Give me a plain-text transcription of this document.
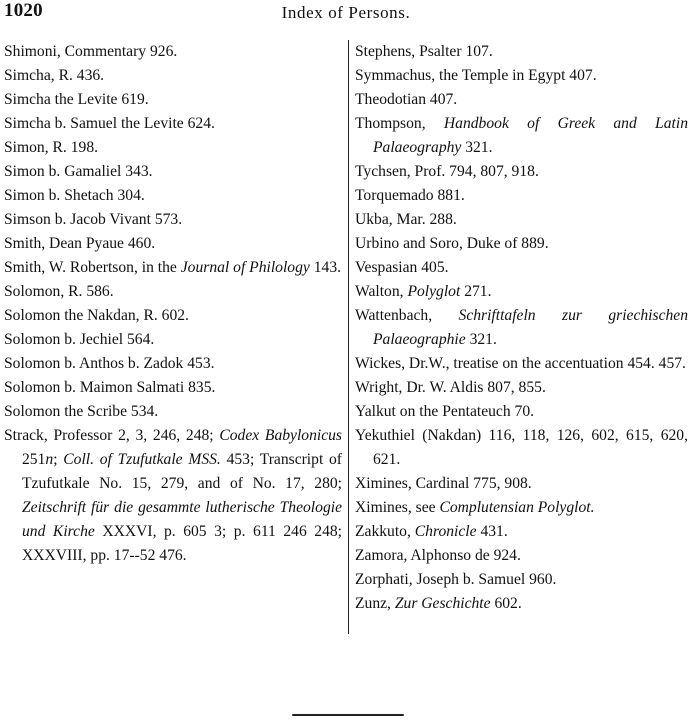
1020	Index of Persons.

Shimoni, Commentary 926.

Simcha, R. 436.

Simcha the Levite 619.

Simcha b. Samuel the Levite 624.

Simon, R. 198.

Simon b. Gamaliel 343.

Simon b. Shetach 304.

Simson b. Jacob Vivant 573.

Smith, Dean Pyaue 460.

Smith, W. Robertson, in the Journal of Philology 143.

Solomon, R. 586.

Solomon the Nakdan, R. 602.

Solomon b. Jechiel 564.

Solomon b. Anthos b. Zadok 453.

Solomon b. Maimon Salmati 835.

Solomon the Scribe 534.

Strack, Professor 2, 3, 246, 248; Codex Babylonicus 251n; Coll. of Tzufutkale MSS. 453; Transcript of Tzufutkale No. 15, 279, and of No. 17, 280; Zeitschrift für die gesammte lutherische Theologie und Kirche XXXVI, p. 605 3; p. 611 246 248; XXXVIII, pp. 17--52 476.

Stephens, Psalter 107.

Symmachus, the Temple in Egypt 407.

Theodotian 407.

Thompson, Handbook of Greek and Latin Palaeography 321.

Tychsen, Prof. 794, 807, 918.

Torquemado 881.

Ukba, Mar. 288.

Urbino and Soro, Duke of 889.

Vespasian 405.

Walton, Polyglot 271.

Wattenbach, Schrifttafeln zur griechischen Palaeographie 321.

Wickes, Dr.W., treatise on the accentuation 454. 457.

Wright, Dr. W. Aldis 807, 855.

Yalkut on the Pentateuch 70.

Yekuthiel (Nakdan) 116, 118, 126, 602, 615, 620, 621.

Ximines, Cardinal 775, 908.

Ximines, see Complutensian Polyglot.

Zakkuto, Chronicle 431.

Zamora, Alphonso de 924.

Zorphati, Joseph b. Samuel 960.

Zunz, Zur Geschichte 602.
